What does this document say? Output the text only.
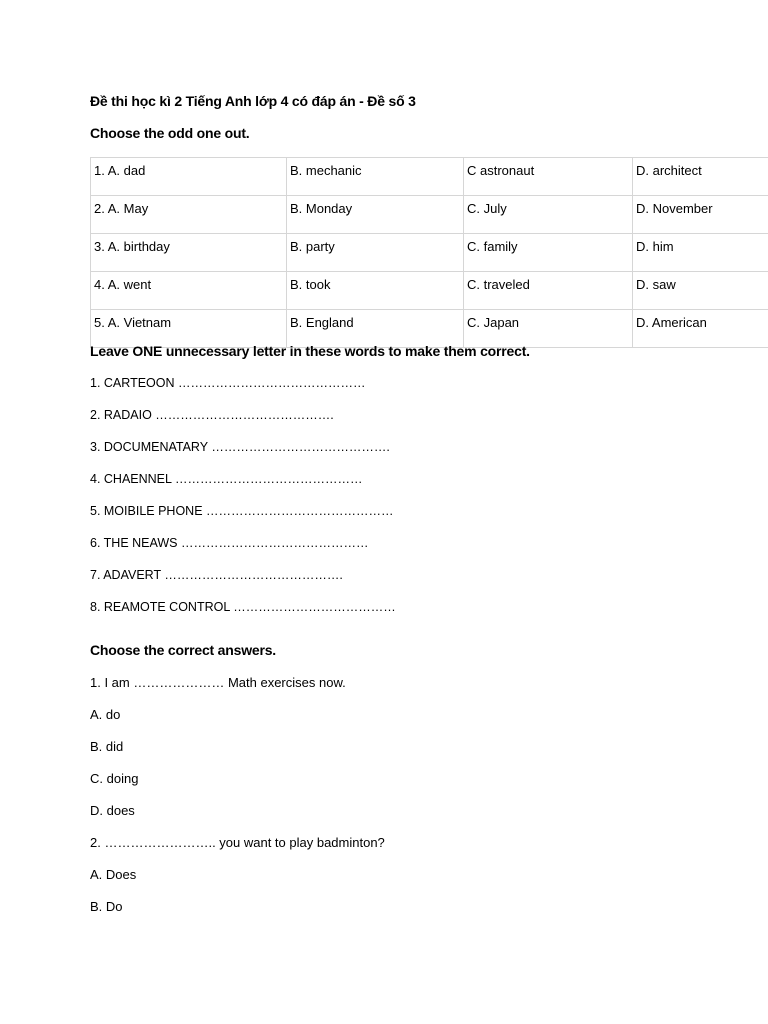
Đề thi học kì 2 Tiếng Anh lớp 4 có đáp án - Đề số 3
Choose the odd one out.
1. A. dad	B. mechanic	C astronaut	D. architect
2. A. May	B. Monday	C. July	D. November
3. A. birthday	B. party	C. family	D. him
4. A. went	B. took	C. traveled	D. saw
5. A. Vietnam	B. England	C. Japan	D. American
Leave ONE unnecessary letter in these words to make them correct.
1. CARTEOON ………………………………………
2. RADAIO …………………………………….
3. DOCUMENATARY …………………………………….
4. CHAENNEL ………………………………………
5. MOIBILE PHONE ………………………………………
6. THE NEAWS ………………………………………
7. ADAVERT …………………………………….
8. REAMOTE CONTROL …………………………………
Choose the correct answers.
1. I am ………………… Math exercises now.
A. do
B. did
C. doing
D. does
2. …………………….. you want to play badminton?
A. Does
B. Do
